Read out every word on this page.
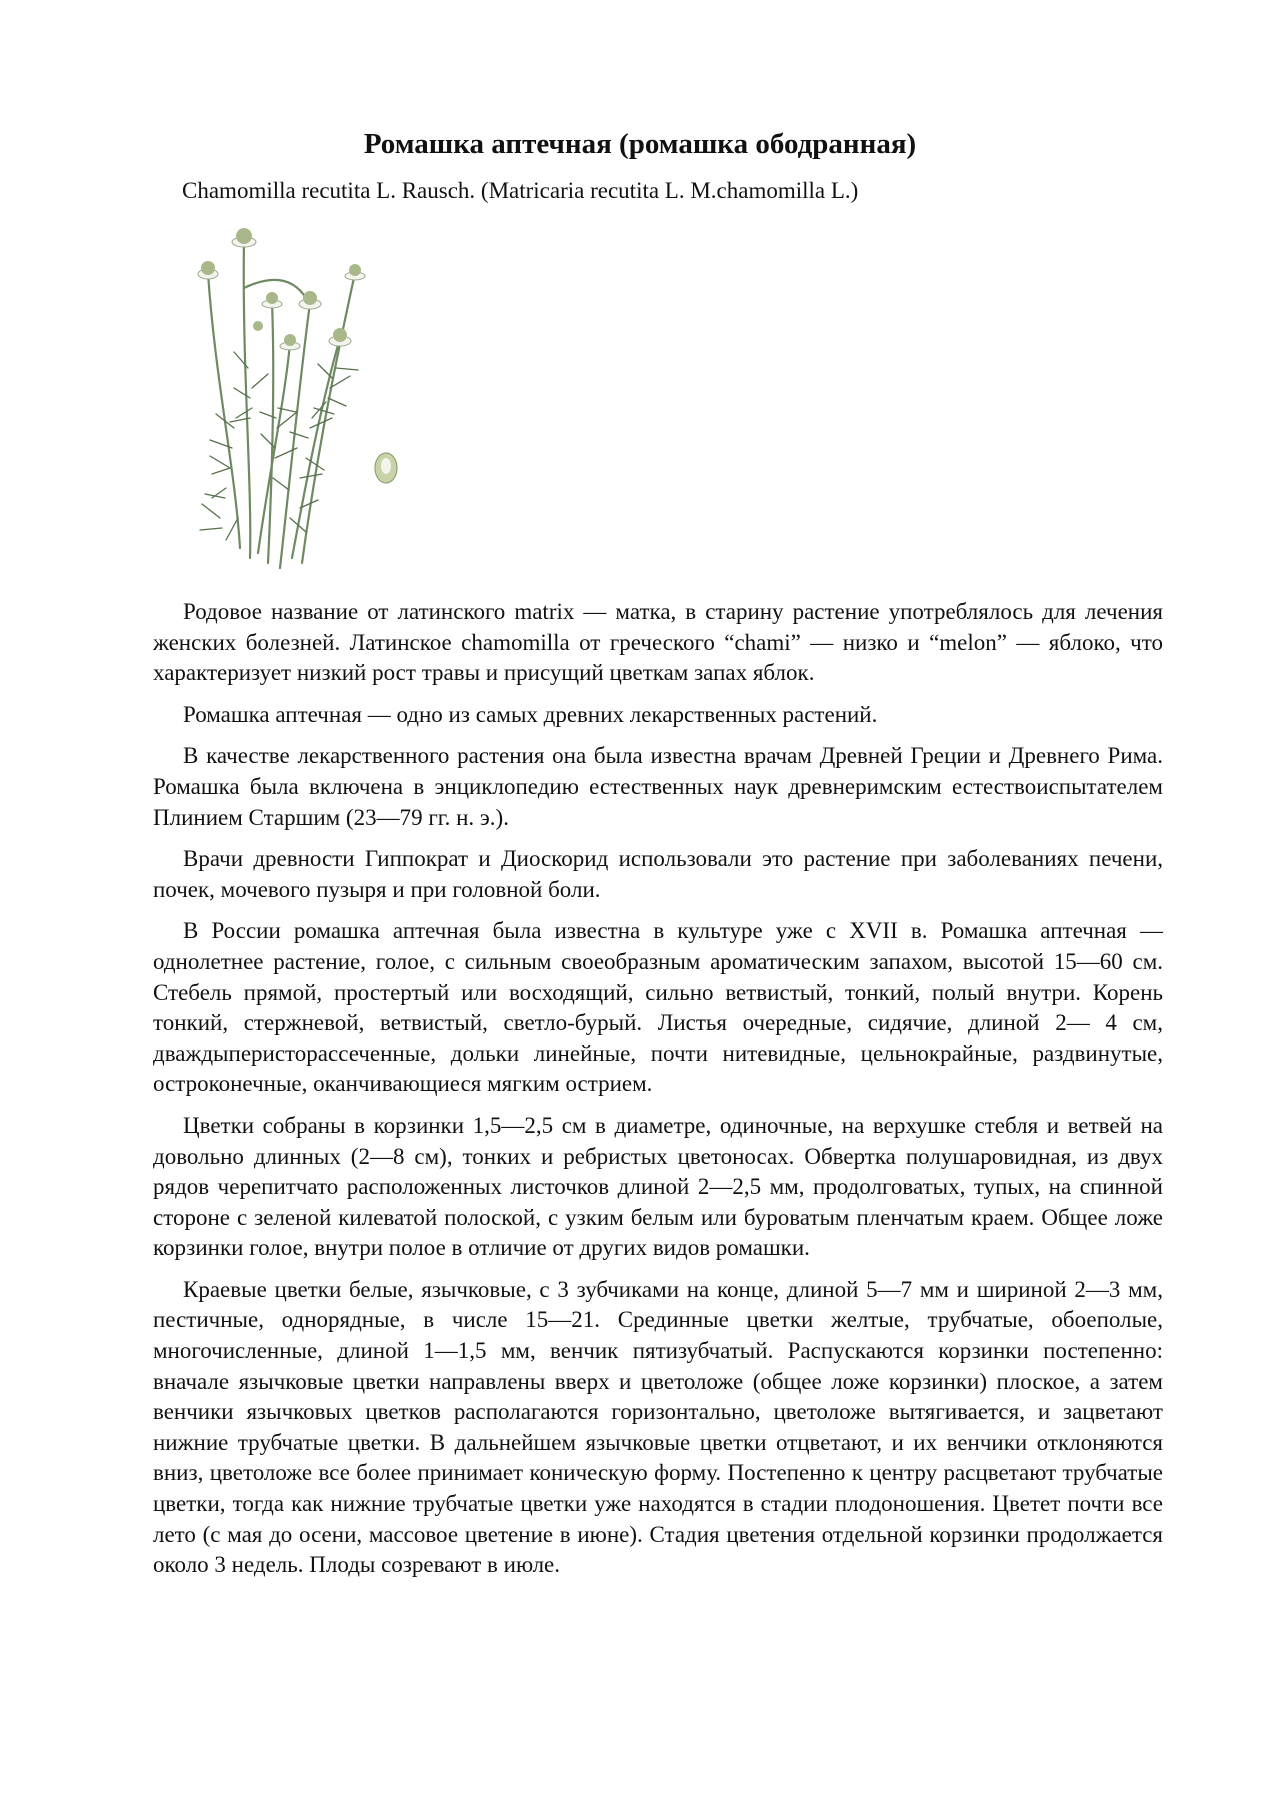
Ромашка аптечная (ромашка ободранная)

Chamomilla recutita L. Rausch. (Matricaria recutita L. M.chamomilla L.)

Родовое название от латинского matrix — матка, в старину растение употреблялось для лечения женских болезней. Латинское chamomilla от греческого “chami” — низко и “melon” — яблоко, что характеризует низкий рост травы и присущий цветкам запах яблок.

Ромашка аптечная — одно из самых древних лекарственных растений.

В качестве лекарственного растения она была известна врачам Древней Греции и Древнего Рима. Ромашка была включена в энциклопедию естественных наук древнеримским естествоиспытателем Плинием Старшим (23—79 гг. н. э.).

Врачи древности Гиппократ и Диоскорид использовали это растение при заболеваниях печени, почек, мочевого пузыря и при головной боли.

В России ромашка аптечная была известна в культуре уже с XVII в. Ромашка аптечная — однолетнее растение, голое, с сильным своеобразным ароматическим запахом, высотой 15—60 см. Стебель прямой, простертый или восходящий, сильно ветвистый, тонкий, полый внутри. Корень тонкий, стержневой, ветвистый, светло-бурый. Листья очередные, сидячие, длиной 2— 4 см, дваждыперисторассеченные, дольки линейные, почти нитевидные, цельнокрайные, раздвинутые, остроконечные, оканчивающиеся мягким острием.

Цветки собраны в корзинки 1,5—2,5 см в диаметре, одиночные, на верхушке стебля и ветвей на довольно длинных (2—8 см), тонких и ребристых цветоносах. Обвертка полушаровидная, из двух рядов черепитчато расположенных листочков длиной 2—2,5 мм, продолговатых, тупых, на спинной стороне с зеленой килеватой полоской, с узким белым или буроватым пленчатым краем. Общее ложе корзинки голое, внутри полое в отличие от других видов ромашки.

Краевые цветки белые, язычковые, с 3 зубчиками на конце, длиной 5—7 мм и шириной 2—3 мм, пестичные, однорядные, в числе 15—21. Срединные цветки желтые, трубчатые, обоеполые, многочисленные, длиной 1—1,5 мм, венчик пятизубчатый. Распускаются корзинки постепенно: вначале язычковые цветки направлены вверх и цветоложе (общее ложе корзинки) плоское, а затем венчики язычковых цветков располагаются горизонтально, цветоложе вытягивается, и зацветают нижние трубчатые цветки. В дальнейшем язычковые цветки отцветают, и их венчики отклоняются вниз, цветоложе все более принимает коническую форму. Постепенно к центру расцветают трубчатые цветки, тогда как нижние трубчатые цветки уже находятся в стадии плодоношения. Цветет почти все лето (с мая до осени, массовое цветение в июне). Стадия цветения отдельной корзинки продолжается около 3 недель. Плоды созревают в июле.
